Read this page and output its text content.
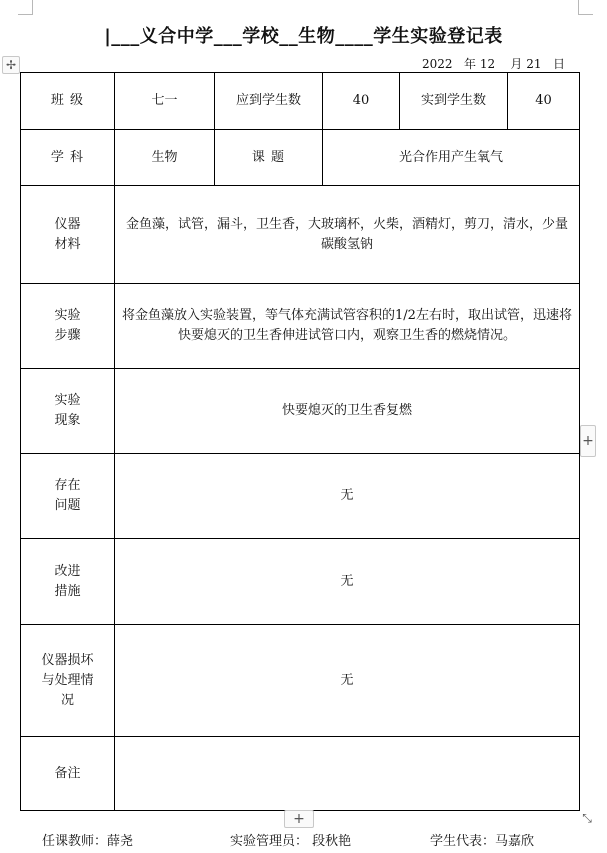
|___义合中学___学校__生物____学生实验登记表
2022 年 12 月 21 日
✢
班 级	七一	应到学生数	40	实到学生数	40
学 科	生物	课 题	光合作用产生氧气		

仪器材料	金鱼藻，试管，漏斗，卫生香，大玻璃杯，火柴，酒精灯，剪刀，清水，少量碳酸氢钠				

实验步骤	将金鱼藻放入实验装置，等气体充满试管容积的1/2左右时，取出试管，迅速将快要熄灭的卫生香伸进试管口内，观察卫生香的燃烧情况。				

实验现象	快要熄灭的卫生香复燃				

存在问题	无				

改进措施	无				

仪器损坏与处理情况	无				
备注					
+
+	⤡
任课教师：薛尧	实验管理员： 段秋艳	学生代表：马嘉欣
